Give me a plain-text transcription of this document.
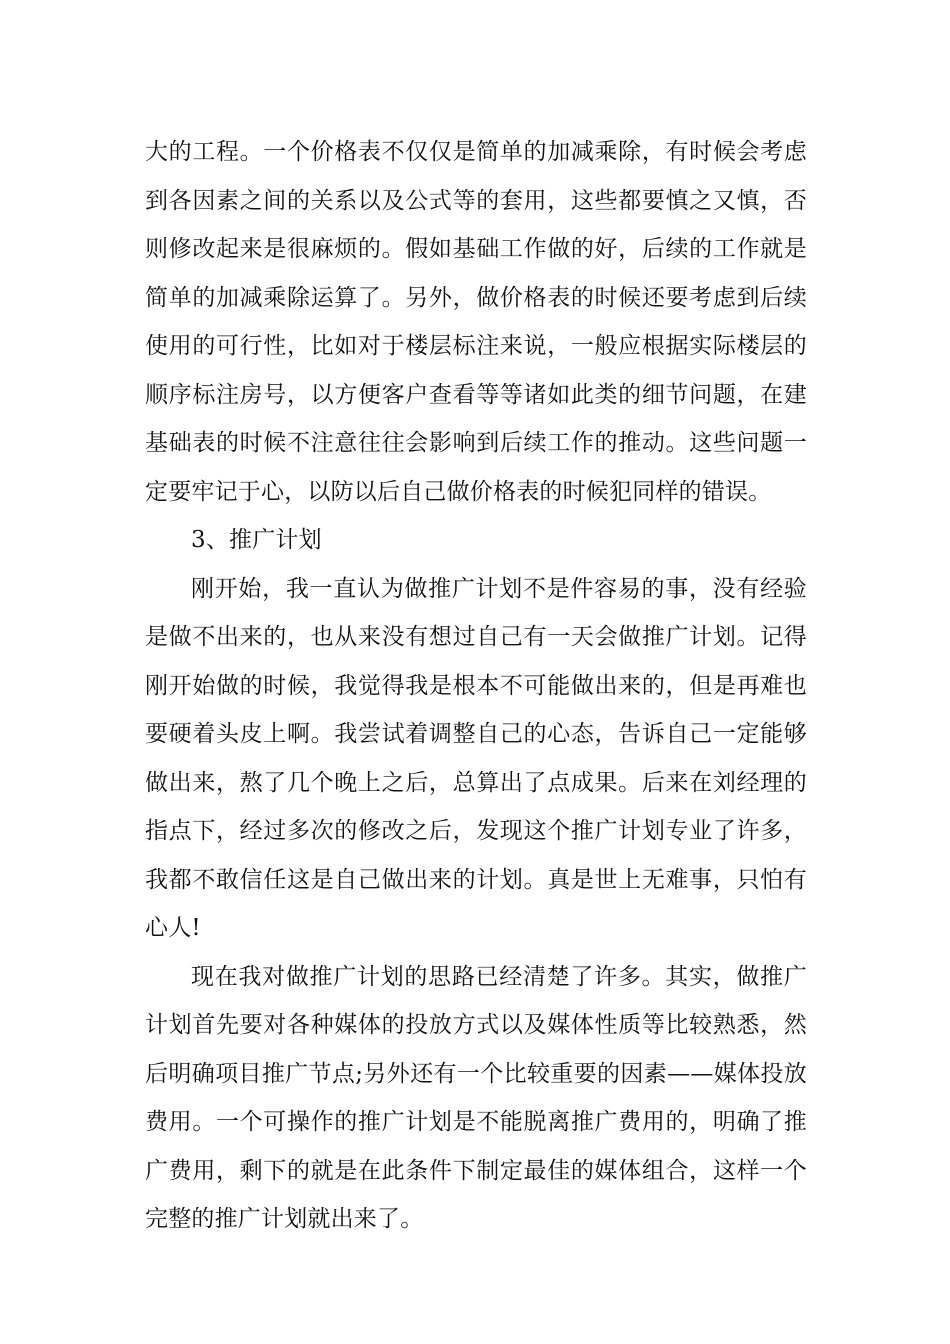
大的工程。一个价格表不仅仅是简单的加减乘除，有时候会考虑到各因素之间的关系以及公式等的套用，这些都要慎之又慎，否则修改起来是很麻烦的。假如基础工作做的好，后续的工作就是简单的加减乘除运算了。另外，做价格表的时候还要考虑到后续使用的可行性，比如对于楼层标注来说，一般应根据实际楼层的顺序标注房号，以方便客户查看等等诸如此类的细节问题，在建基础表的时候不注意往往会影响到后续工作的推动。这些问题一定要牢记于心，以防以后自己做价格表的时候犯同样的错误。

3、推广计划

刚开始，我一直认为做推广计划不是件容易的事，没有经验是做不出来的，也从来没有想过自己有一天会做推广计划。记得刚开始做的时候，我觉得我是根本不可能做出来的，但是再难也要硬着头皮上啊。我尝试着调整自己的心态，告诉自己一定能够做出来，熬了几个晚上之后，总算出了点成果。后来在刘经理的指点下，经过多次的修改之后，发现这个推广计划专业了许多，我都不敢信任这是自己做出来的计划。真是世上无难事，只怕有心人!

现在我对做推广计划的思路已经清楚了许多。其实，做推广计划首先要对各种媒体的投放方式以及媒体性质等比较熟悉，然后明确项目推广节点;另外还有一个比较重要的因素——媒体投放费用。一个可操作的推广计划是不能脱离推广费用的，明确了推广费用，剩下的就是在此条件下制定最佳的媒体组合，这样一个完整的推广计划就出来了。
